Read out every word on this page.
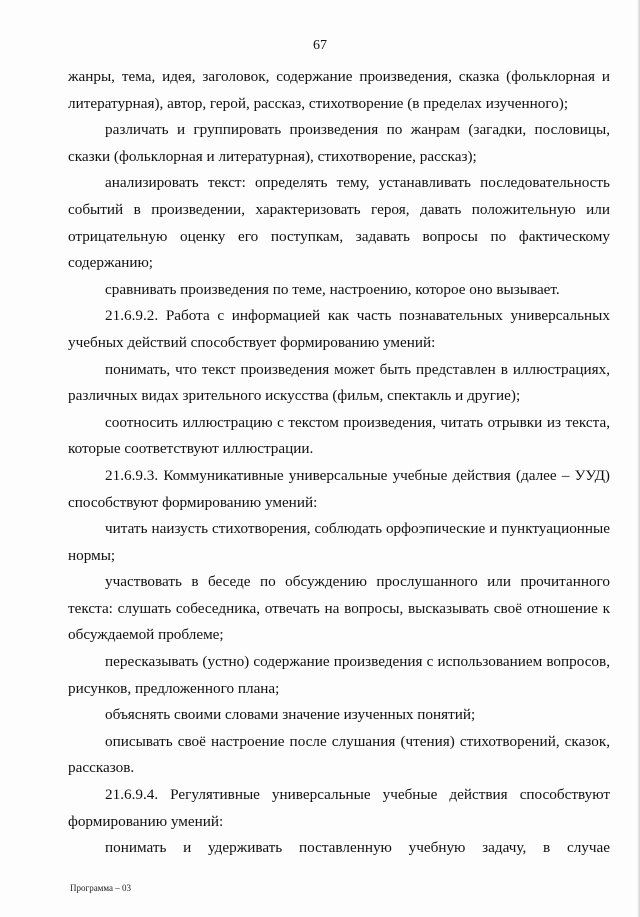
67

жанры, тема, идея, заголовок, содержание произведения, сказка (фольклорная и литературная), автор, герой, рассказ, стихотворение (в пределах изученного);

различать и группировать произведения по жанрам (загадки, пословицы, сказки (фольклорная и литературная), стихотворение, рассказ);

анализировать текст: определять тему, устанавливать последовательность событий в произведении, характеризовать героя, давать положительную или отрицательную оценку его поступкам, задавать вопросы по фактическому содержанию;

сравнивать произведения по теме, настроению, которое оно вызывает.

21.6.9.2. Работа с информацией как часть познавательных универсальных учебных действий способствует формированию умений:

понимать, что текст произведения может быть представлен в иллюстрациях, различных видах зрительного искусства (фильм, спектакль и другие);

соотносить иллюстрацию с текстом произведения, читать отрывки из текста, которые соответствуют иллюстрации.

21.6.9.3. Коммуникативные универсальные учебные действия (далее – УУД) способствуют формированию умений:

читать наизусть стихотворения, соблюдать орфоэпические и пунктуационные нормы;

участвовать в беседе по обсуждению прослушанного или прочитанного текста: слушать собеседника, отвечать на вопросы, высказывать своё отношение к обсуждаемой проблеме;

пересказывать (устно) содержание произведения с использованием вопросов, рисунков, предложенного плана;

объяснять своими словами значение изученных понятий;

описывать своё настроение после слушания (чтения) стихотворений, сказок, рассказов.

21.6.9.4. Регулятивные универсальные учебные действия способствуют формированию умений:

понимать и удерживать поставленную учебную задачу, в случае

Программа – 03
